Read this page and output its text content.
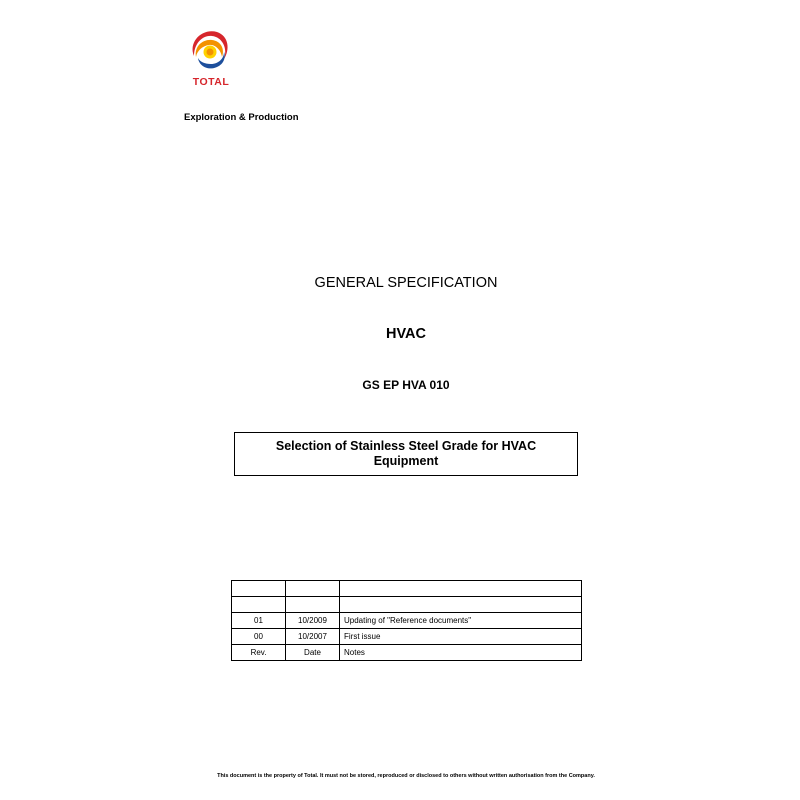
TOTAL
Exploration & Production
GENERAL SPECIFICATION
HVAC
GS EP HVA 010
Selection of Stainless Steel Grade for HVAC Equipment

01	10/2009	Updating of "Reference documents"
00	10/2007	First issue
Rev.	Date	Notes
This document is the property of Total. It must not be stored, reproduced or disclosed to others without written authorisation from the Company.
